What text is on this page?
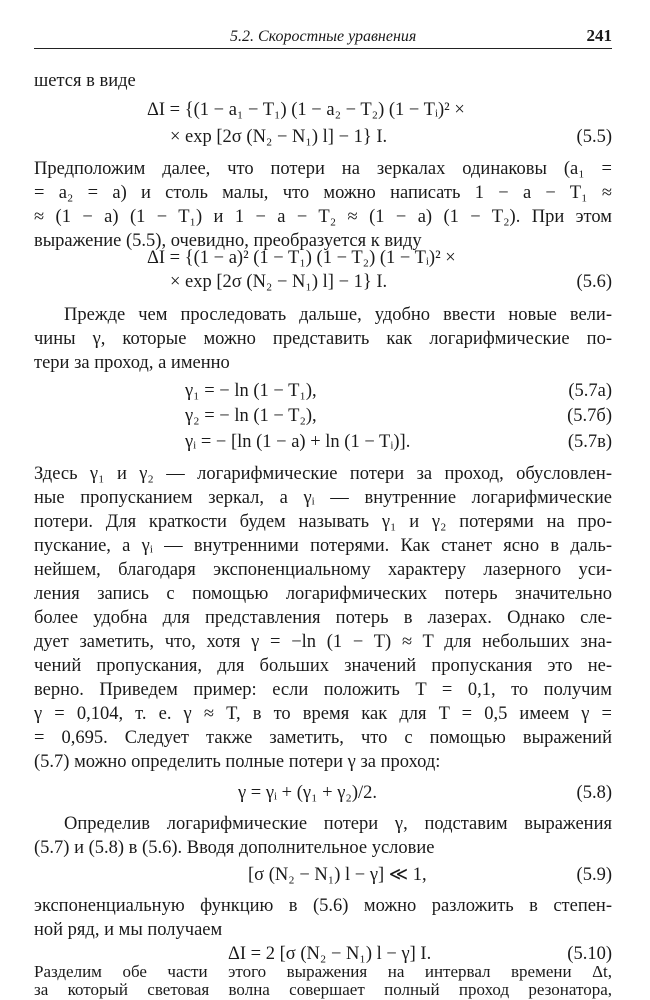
5.2. Скоростные уравнения	241
шется в виде
ΔI = {(1 − a₁ − T₁) (1 − a₂ − T₂) (1 − Tᵢ)² ×
× exp [2σ (N₂ − N₁) l] − 1} I.	(5.5)
Предположим далее, что потери на зеркалах одинаковы (a₁ =
= a₂ = a) и столь малы, что можно написать 1 − a − T₁ ≈
≈ (1 − a) (1 − T₁) и 1 − a − T₂ ≈ (1 − a) (1 − T₂). При этом
выражение (5.5), очевидно, преобразуется к виду
ΔI = {(1 − a)² (1 − T₁) (1 − T₂) (1 − Tᵢ)² ×
× exp [2σ (N₂ − N₁) l] − 1} I.	(5.6)
Прежде чем проследовать дальше, удобно ввести новые вели-
чины γ, которые можно представить как логарифмические по-
тери за проход, а именно
γ₁ = − ln (1 − T₁),	(5.7а)
γ₂ = − ln (1 − T₂),	(5.7б)
γᵢ = − [ln (1 − a) + ln (1 − Tᵢ)].	(5.7в)
Здесь γ₁ и γ₂ — логарифмические потери за проход, обусловлен-
ные пропусканием зеркал, а γᵢ — внутренние логарифмические
потери. Для краткости будем называть γ₁ и γ₂ потерями на про-
пускание, а γᵢ — внутренними потерями. Как станет ясно в даль-
нейшем, благодаря экспоненциальному характеру лазерного уси-
ления запись с помощью логарифмических потерь значительно
более удобна для представления потерь в лазерах. Однако сле-
дует заметить, что, хотя γ = −ln (1 − T) ≈ T для небольших зна-
чений пропускания, для больших значений пропускания это не-
верно. Приведем пример: если положить T = 0,1, то получим
γ = 0,104, т. е. γ ≈ T, в то время как для T = 0,5 имеем γ =
= 0,695. Следует также заметить, что с помощью выражений
(5.7) можно определить полные потери γ за проход:
γ = γᵢ + (γ₁ + γ₂)/2.	(5.8)
Определив логарифмические потери γ, подставим выражения
(5.7) и (5.8) в (5.6). Вводя дополнительное условие
[σ (N₂ − N₁) l − γ] ≪ 1,	(5.9)
экспоненциальную функцию в (5.6) можно разложить в степен-
ной ряд, и мы получаем
ΔI = 2 [σ (N₂ − N₁) l − γ] I.	(5.10)
Разделим обе части этого выражения на интервал времени Δt,
за который световая волна совершает полный проход резонатора,
